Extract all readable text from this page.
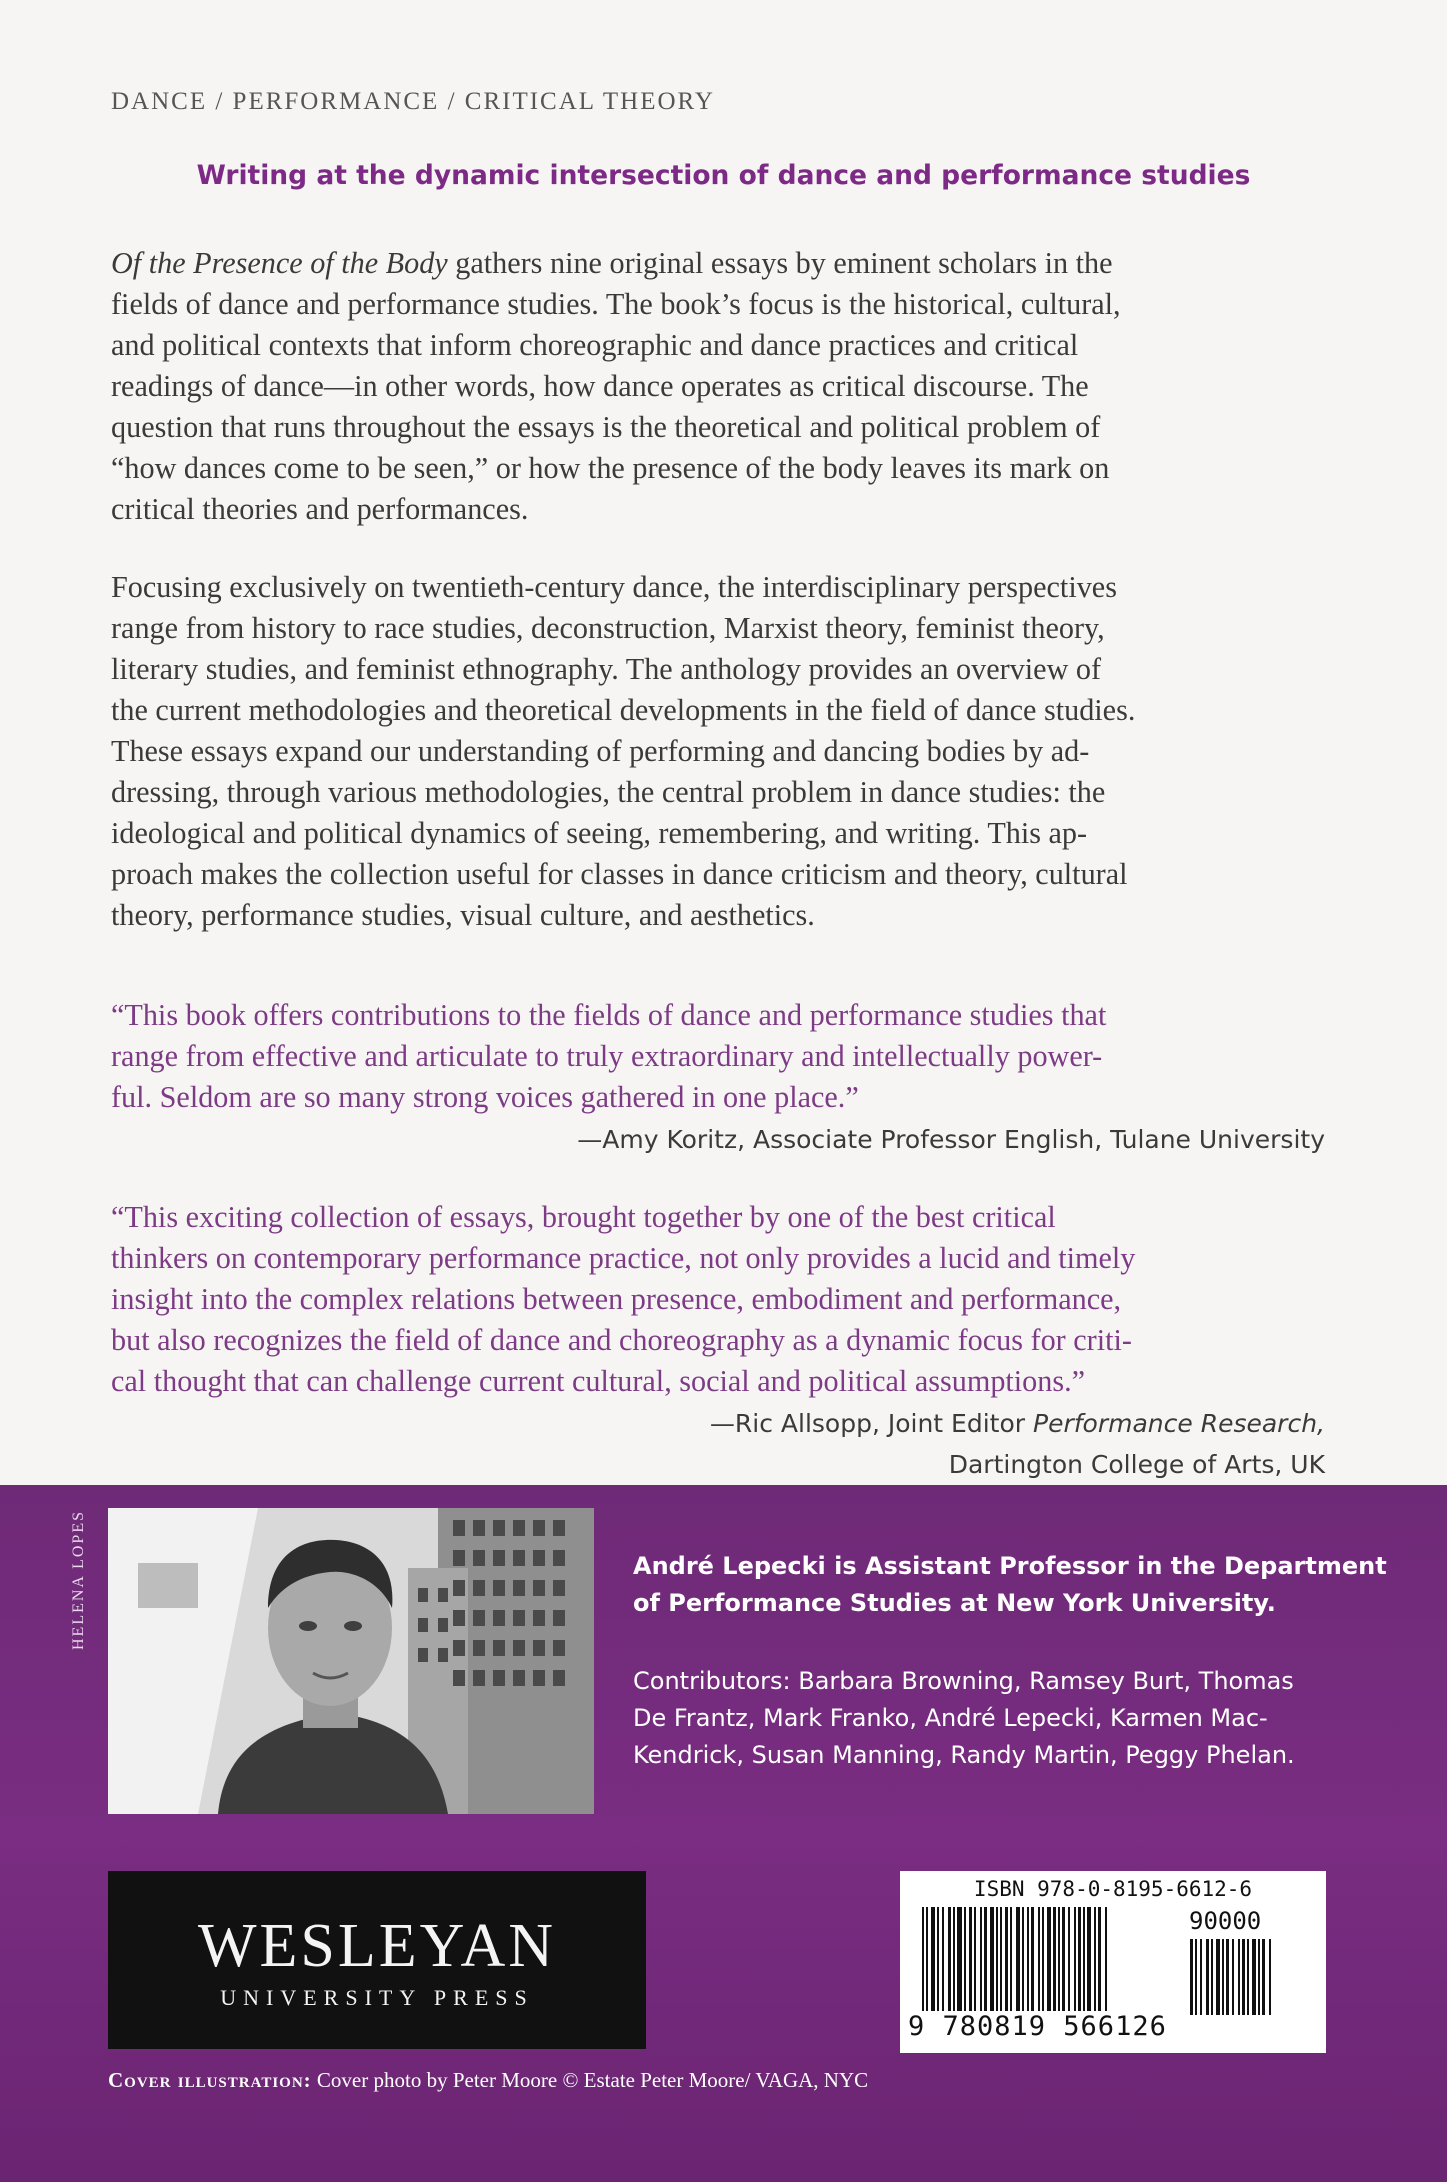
DANCE / PERFORMANCE / CRITICAL THEORY
Writing at the dynamic intersection of dance and performance studies
Of the Presence of the Body gathers nine original essays by eminent scholars in the
fields of dance and performance studies. The book’s focus is the historical, cultural,
and political contexts that inform choreographic and dance practices and critical
readings of dance—in other words, how dance operates as critical discourse. The
question that runs throughout the essays is the theoretical and political problem of
“how dances come to be seen,” or how the presence of the body leaves its mark on
critical theories and performances.
Focusing exclusively on twentieth-century dance, the interdisciplinary perspectives
range from history to race studies, deconstruction, Marxist theory, feminist theory,
literary studies, and feminist ethnography. The anthology provides an overview of
the current methodologies and theoretical developments in the field of dance studies.
These essays expand our understanding of performing and dancing bodies by ad-
dressing, through various methodologies, the central problem in dance studies: the
ideological and political dynamics of seeing, remembering, and writing. This ap-
proach makes the collection useful for classes in dance criticism and theory, cultural
theory, performance studies, visual culture, and aesthetics.
“This book offers contributions to the fields of dance and performance studies that
range from effective and articulate to truly extraordinary and intellectually power-
ful. Seldom are so many strong voices gathered in one place.”
—Amy Koritz, Associate Professor English, Tulane University
“This exciting collection of essays, brought together by one of the best critical
thinkers on contemporary performance practice, not only provides a lucid and timely
insight into the complex relations between presence, embodiment and performance,
but also recognizes the field of dance and choreography as a dynamic focus for criti-
cal thought that can challenge current cultural, social and political assumptions.”
—Ric Allsopp, Joint Editor Performance Research,
Dartington College of Arts, UK
HELENA LOPES	André Lepecki is Assistant Professor in the Department
of Performance Studies at New York University.
Contributors: Barbara Browning, Ramsey Burt, Thomas
De Frantz, Mark Franko, André Lepecki, Karmen Mac-
Kendrick, Susan Manning, Randy Martin, Peggy Phelan.
WESLEYAN
UNIVERSITY PRESS
ISBN 978-0-8195-6612-6
90000
9 780819 566126
Cover illustration: Cover photo by Peter Moore © Estate Peter Moore/ VAGA, NYC
